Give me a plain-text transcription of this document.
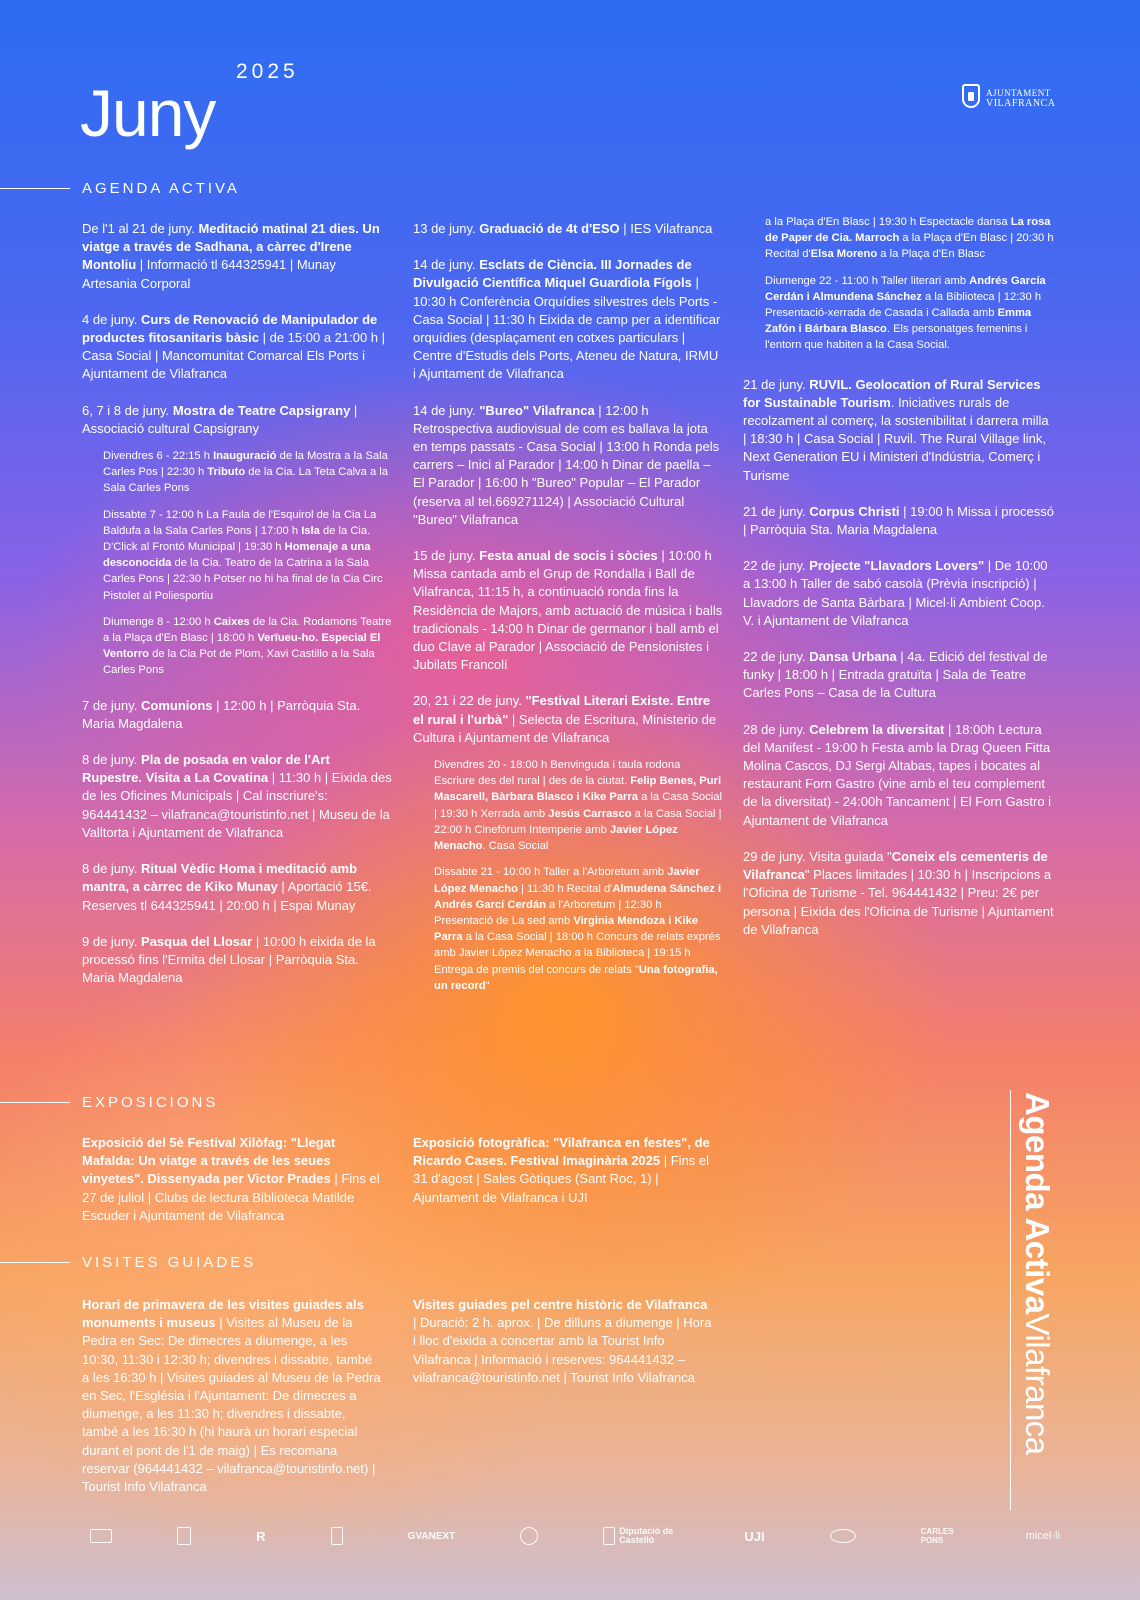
2025
Juny	AJUNTAMENT
VILAFRANCA
AGENDA ACTIVA
De l'1 al 21 de juny. Meditació matinal 21 dies. Un viatge a través de Sadhana, a càrrec d'Irene Montoliu | Informació tl 644325941 | Munay Artesania Corporal
4 de juny. Curs de Renovació de Manipulador de productes fitosanitaris bàsic | de 15:00 a 21:00 h | Casa Social | Mancomunitat Comarcal Els Ports i Ajuntament de Vilafranca
6, 7 i 8 de juny. Mostra de Teatre Capsigrany | Associació cultural Capsigrany
Divendres 6 - 22:15 h Inauguració de la Mostra a la Sala Carles Pos | 22:30 h Tributo de la Cia. La Teta Calva a la Sala Carles Pons
Dissabte 7 - 12:00 h La Faula de l'Esquirol de la Cia La Baldufa a la Sala Carles Pons | 17:00 h Isla de la Cia. D'Click al Frontó Municipal | 19:30 h Homenaje a una desconocida de la Cia. Teatro de la Catrina a la Sala Carles Pons | 22:30 h Potser no hi ha final de la Cia Circ Pistolet al Poliesportiu
Diumenge 8 - 12:00 h Caixes de la Cia. Rodamons Teatre a la Plaça d'En Blasc | 18:00 h Verïueu-ho. Especial El Ventorro de la Cia Pot de Plom, Xavi Castillo a la Sala Carles Pons
7 de juny. Comunions | 12:00 h | Parròquia Sta. Maria Magdalena
8 de juny. Pla de posada en valor de l'Art Rupestre. Visita a La Covatina | 11:30 h | Eixida des de les Oficines Municipals | Cal inscriure's: 964441432 – vilafranca@touristinfo.net | Museu de la Valltorta i Ajuntament de Vilafranca
8 de juny. Ritual Vèdic Homa i meditació amb mantra, a càrrec de Kiko Munay | Aportació 15€. Reserves tl 644325941 | 20:00 h | Espai Munay
9 de juny. Pasqua del Llosar | 10:00 h eixida de la processó fins l'Ermita del Llosar | Parròquia Sta. Maria Magdalena
13 de juny. Graduació de 4t d'ESO | IES Vilafranca
14 de juny. Esclats de Ciència. III Jornades de Divulgació Científica Miquel Guardiola Fígols | 10:30 h Conferència Orquídies silvestres dels Ports - Casa Social | 11:30 h Eixida de camp per a identificar orquídies (desplaçament en cotxes particulars | Centre d'Estudis dels Ports, Ateneu de Natura, IRMU i Ajuntament de Vilafranca
14 de juny. "Bureo" Vilafranca | 12:00 h Retrospectiva audiovisual de com es ballava la jota en temps passats - Casa Social | 13:00 h Ronda pels carrers – Inici al Parador | 14:00 h Dinar de paella – El Parador | 16:00 h "Bureo" Popular – El Parador (reserva al tel.669271124) | Associació Cultural "Bureo" Vilafranca
15 de juny. Festa anual de socis i sòcies | 10:00 h Missa cantada amb el Grup de Rondalla i Ball de Vilafranca, 11:15 h, a continuació ronda fins la Residència de Majors, amb actuació de música i balls tradicionals - 14:00 h Dinar de germanor i ball amb el duo Clave al Parador | Associació de Pensionistes i Jubilats Francolí
20, 21 i 22 de juny. "Festival Literari Existe. Entre el rural i l'urbà" | Selecta de Escritura, Ministerio de Cultura i Ajuntament de Vilafranca
Divendres 20 - 18:00 h Benvinguda i taula rodona Escriure des del rural | des de la ciutat. Felip Benes, Puri Mascarell, Bàrbara Blasco i Kike Parra a la Casa Social | 19:30 h Xerrada amb Jesús Carrasco a la Casa Social | 22:00 h Cinefòrum Intemperie amb Javier López Menacho. Casa Social
Dissabte 21 - 10:00 h Taller a l'Arboretum amb Javier López Menacho | 11:30 h Recital d'Almudena Sánchez i Andrés Garcí Cerdán a l'Arboretum | 12:30 h Presentació de La sed amb Virginia Mendoza i Kike Parra a la Casa Social | 18:00 h Concurs de relats exprés amb Javier López Menacho a la Biblioteca | 19:15 h Entrega de premis del concurs de relats "Una fotografia, un record"
a la Plaça d'En Blasc | 19:30 h Espectacle dansa La rosa de Paper de Cia. Marroch a la Plaça d'En Blasc | 20:30 h Recital d'Elsa Moreno a la Plaça d'En Blasc
Diumenge 22 - 11:00 h Taller literari amb Andrés García Cerdán i Almundena Sánchez a la Biblioteca | 12:30 h Presentació-xerrada de Casada i Callada amb Emma Zafón i Bárbara Blasco. Els personatges femenins i l'entorn que habiten a la Casa Social.
21 de juny. RUVIL. Geolocation of Rural Services for Sustainable Tourism. Iniciatives rurals de recolzament al comerç, la sostenibilitat i darrera milla | 18:30 h | Casa Social | Ruvil. The Rural Village link, Next Generation EU i Ministeri d'Indústria, Comerç i Turisme
21 de juny. Corpus Christi | 19:00 h Missa i processó | Parròquia Sta. Maria Magdalena
22 de juny. Projecte "Llavadors Lovers" | De 10:00 a 13:00 h Taller de sabó casolà (Prèvia inscripció) | Llavadors de Santa Bàrbara | Micel·li Ambient Coop. V. i Ajuntament de Vilafranca
22 de juny. Dansa Urbana | 4a. Edició del festival de funky | 18:00 h | Entrada gratuïta | Sala de Teatre Carles Pons – Casa de la Cultura
28 de juny. Celebrem la diversitat | 18:00h Lectura del Manifest - 19:00 h Festa amb la Drag Queen Fitta Molina Cascos, DJ Sergi Altabas, tapes i bocates al restaurant Forn Gastro (vine amb el teu complement de la diversitat) - 24:00h Tancament | El Forn Gastro i Ajuntament de Vilafranca
29 de juny. Visita guiada "Coneix els cementeris de Vilafranca" Places limitades | 10:30 h | Inscripcions a l'Oficina de Turisme - Tel. 964441432 | Preu: 2€ per persona | Eixida des l'Oficina de Turisme | Ajuntament de Vilafranca
EXPOSICIONS
Exposició del 5è Festival Xilòfag: "Llegat Mafalda: Un viatge a través de les seues vinyetes". Dissenyada per Victor Prades | Fins el 27 de juliol | Clubs de lectura Biblioteca Matilde Escuder i Ajuntament de Vilafranca
Exposició fotogràfica: "Vilafranca en festes", de Ricardo Cases. Festival Imaginària 2025 | Fins el 31 d'agost | Sales Gòtiques (Sant Roc, 1) | Ajuntament de Vilafranca i UJI
VISITES GUIADES
Horari de primavera de les visites guiades als monuments i museus | Visites al Museu de la Pedra en Sec: De dimecres a diumenge, a les 10:30, 11:30 i 12:30 h; divendres i dissabte, també a les 16:30 h | Visites guiades al Museu de la Pedra en Sec, l'Església i l'Ajuntament: De dimecres a diumenge, a les 11:30 h; divendres i dissabte, també a les 16:30 h (hi haurà un horari especial durant el pont de l'1 de maig) | Es recomana reservar (964441432 – vilafranca@touristinfo.net) | Tourist Info Vilafranca
Visites guiades pel centre històric de Vilafranca | Duració: 2 h. aprox. | De dilluns a diumenge | Hora i lloc d'eixida a concertar amb la Tourist Info Vilafranca | Informació i reserves: 964441432 – vilafranca@touristinfo.net | Tourist Info Vilafranca
Agenda ActivaVilafranca
R	GVANEXT	Diputació de Castelló	UJI	CARLES PONS	micel·li
